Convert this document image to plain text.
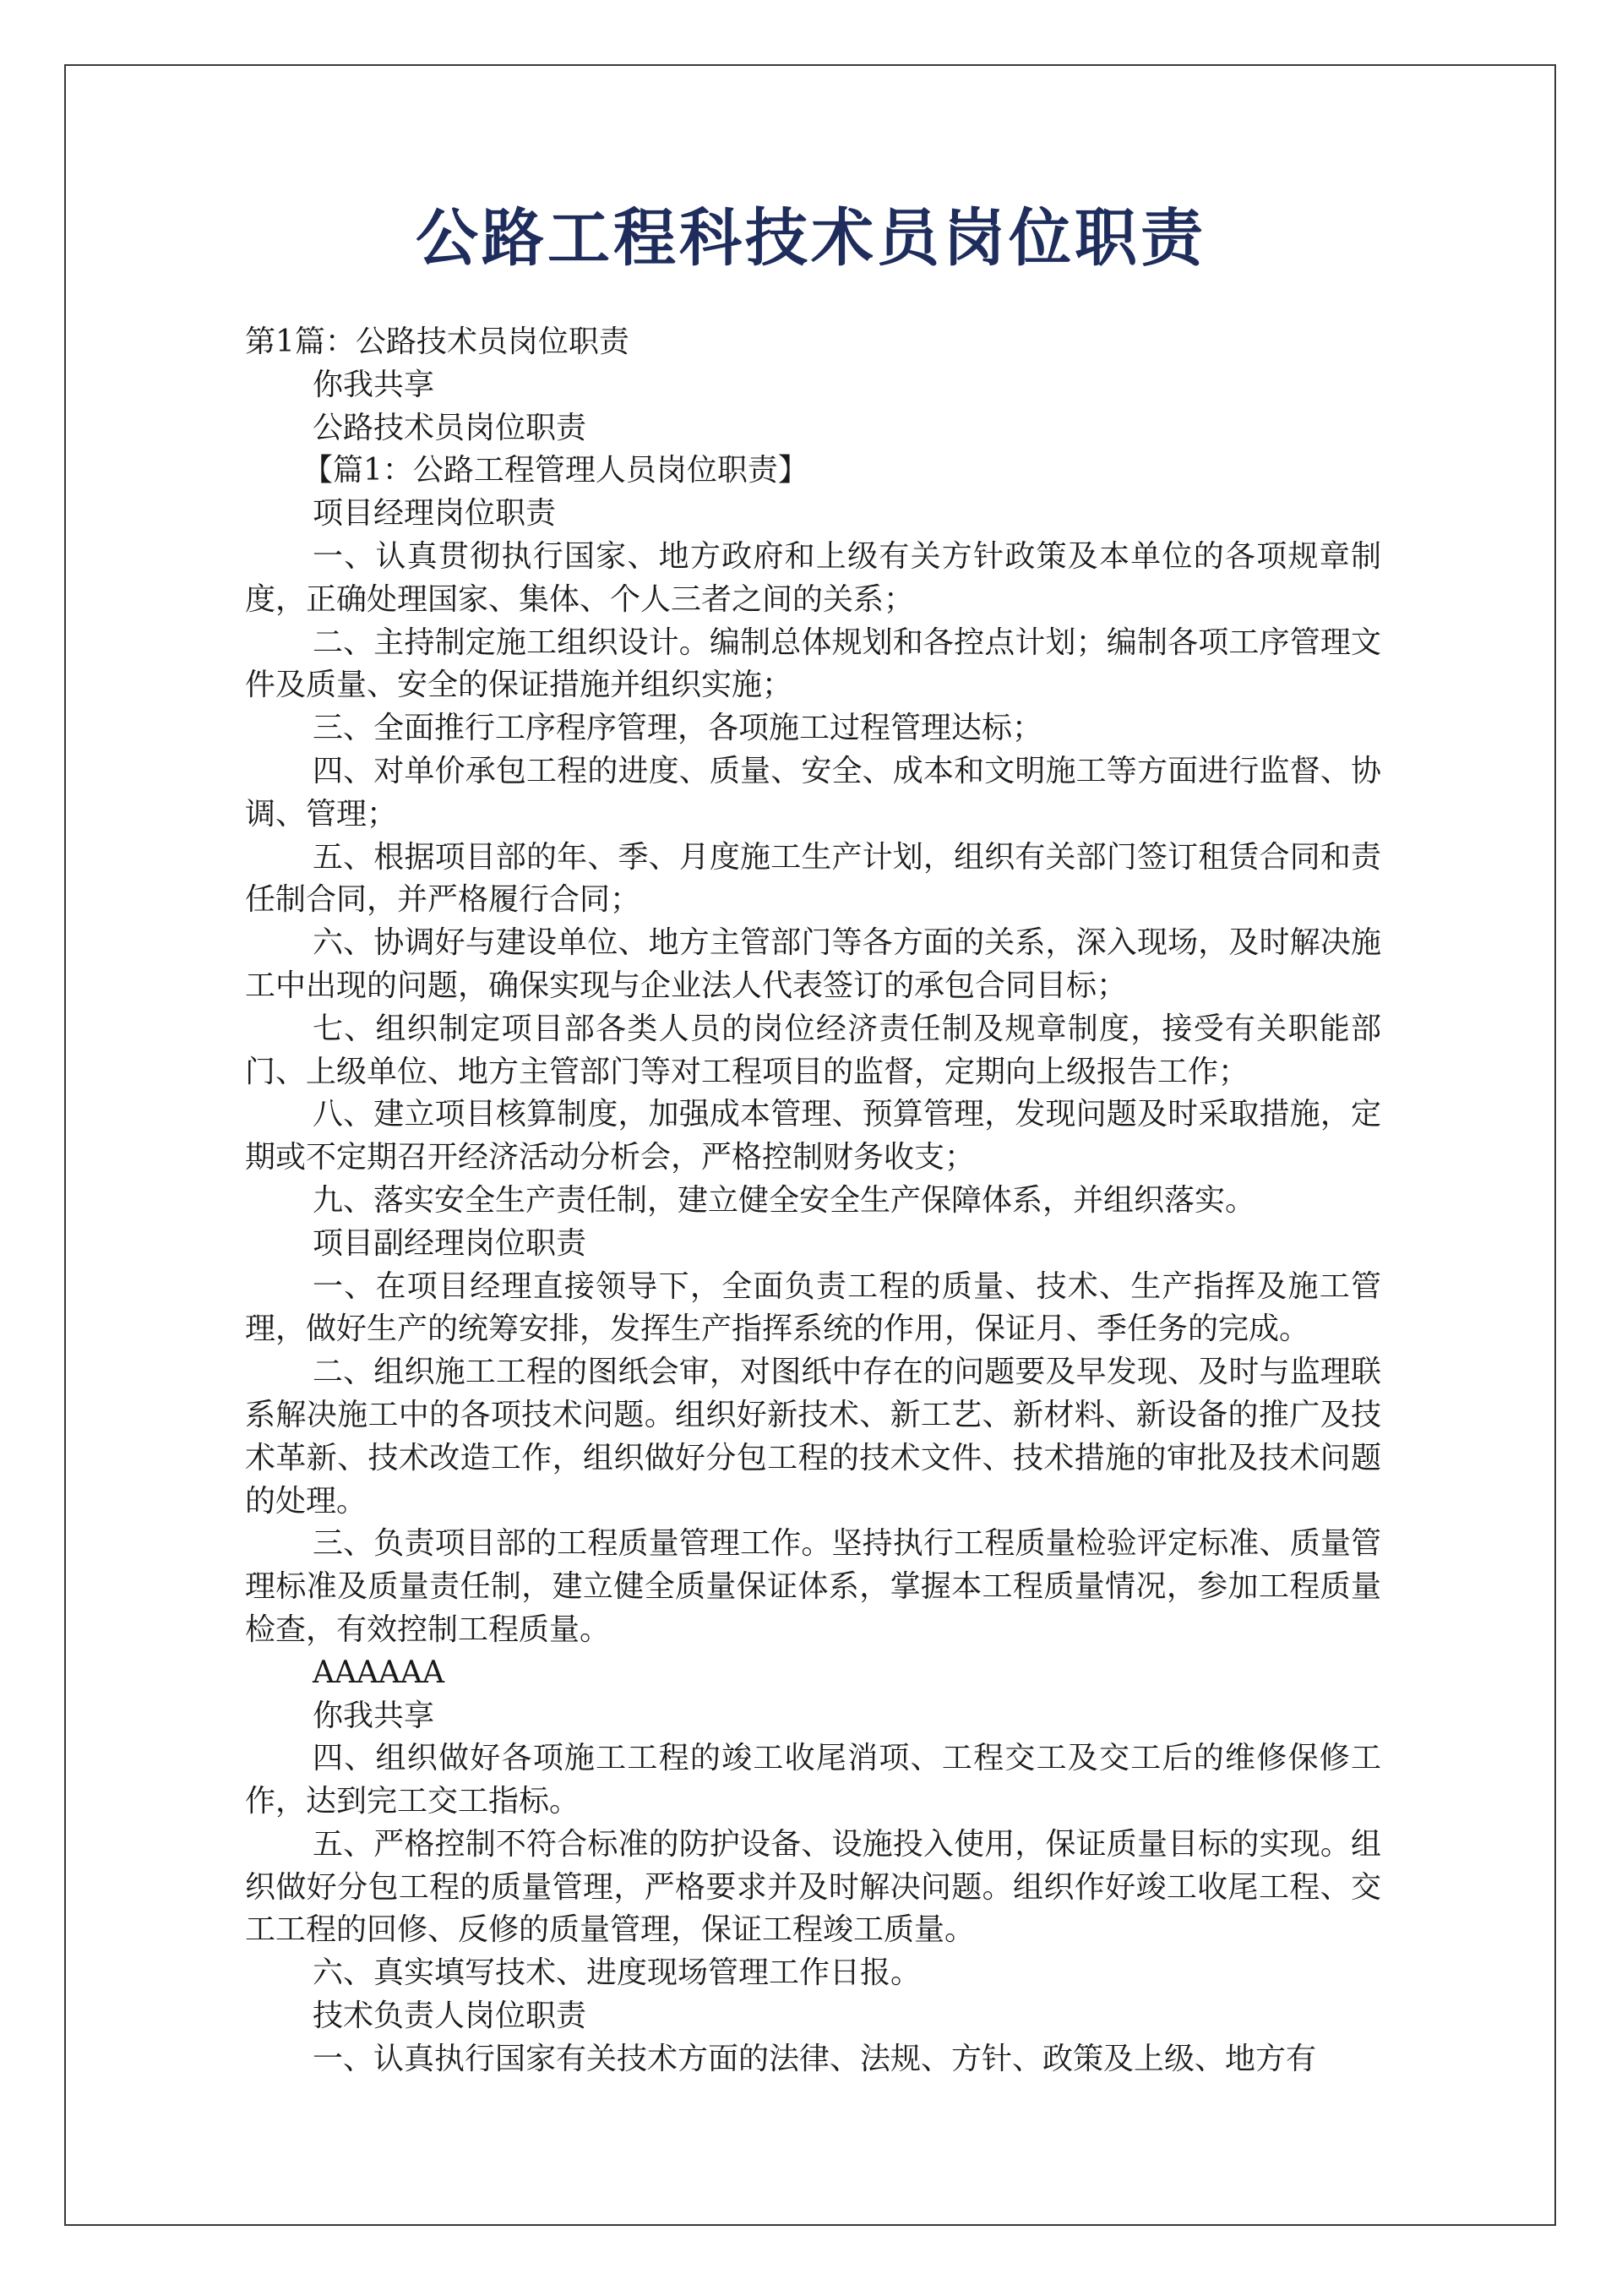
公路工程科技术员岗位职责
第1篇：公路技术员岗位职责
你我共享
公路技术员岗位职责
【篇1：公路工程管理人员岗位职责】
项目经理岗位职责
一、认真贯彻执行国家、地方政府和上级有关方针政策及本单位的各项规章制度，正确处理国家、集体、个人三者之间的关系；
二、主持制定施工组织设计。编制总体规划和各控点计划；编制各项工序管理文件及质量、安全的保证措施并组织实施；
三、全面推行工序程序管理，各项施工过程管理达标；
四、对单价承包工程的进度、质量、安全、成本和文明施工等方面进行监督、协调、管理；
五、根据项目部的年、季、月度施工生产计划，组织有关部门签订租赁合同和责任制合同，并严格履行合同；
六、协调好与建设单位、地方主管部门等各方面的关系，深入现场，及时解决施工中出现的问题，确保实现与企业法人代表签订的承包合同目标；
七、组织制定项目部各类人员的岗位经济责任制及规章制度，接受有关职能部门、上级单位、地方主管部门等对工程项目的监督，定期向上级报告工作；
八、建立项目核算制度，加强成本管理、预算管理，发现问题及时采取措施，定期或不定期召开经济活动分析会，严格控制财务收支；
九、落实安全生产责任制，建立健全安全生产保障体系，并组织落实。
项目副经理岗位职责
一、在项目经理直接领导下，全面负责工程的质量、技术、生产指挥及施工管理，做好生产的统筹安排，发挥生产指挥系统的作用，保证月、季任务的完成。
二、组织施工工程的图纸会审，对图纸中存在的问题要及早发现、及时与监理联系解决施工中的各项技术问题。组织好新技术、新工艺、新材料、新设备的推广及技术革新、技术改造工作，组织做好分包工程的技术文件、技术措施的审批及技术问题的处理。
三、负责项目部的工程质量管理工作。坚持执行工程质量检验评定标准、质量管理标准及质量责任制，建立健全质量保证体系，掌握本工程质量情况，参加工程质量检查，有效控制工程质量。
AAAAAA
你我共享
四、组织做好各项施工工程的竣工收尾消项、工程交工及交工后的维修保修工作，达到完工交工指标。
五、严格控制不符合标准的防护设备、设施投入使用，保证质量目标的实现。组织做好分包工程的质量管理，严格要求并及时解决问题。组织作好竣工收尾工程、交工工程的回修、反修的质量管理，保证工程竣工质量。
六、真实填写技术、进度现场管理工作日报。
技术负责人岗位职责
一、认真执行国家有关技术方面的法律、法规、方针、政策及上级、地方有
